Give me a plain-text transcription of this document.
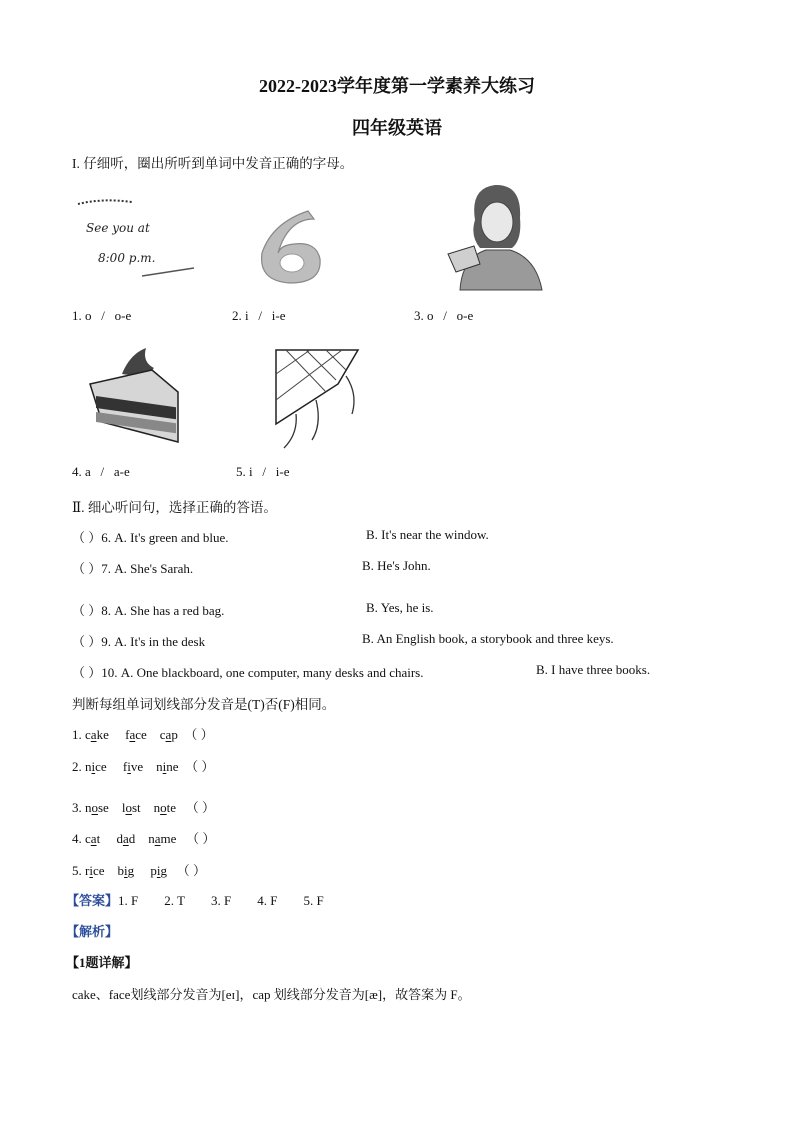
2022-2023学年度第一学素养大练习
四年级英语
I. 仔细听，圈出所听到单词中发音正确的字母。
See you at
8:00 p.m.
1. o / o-e	2. i / i-e	3. o / o-e
4. a / a-e	5. i / i-e
Ⅱ. 细心听问句，选择正确的答语。
（ ）6. A. It's green and blue.	B. It's near the window.
（ ）7. A. She's Sarah.	B. He's John.
（ ）8. A. She has a red bag.	B. Yes, he is.
（ ）9. A. It's in the desk	B. An English book, a storybook and three keys.
（ ）10. A. One blackboard, one computer, many desks and chairs.	B. I have three books.
判断每组单词划线部分发音是(T)否(F)相同。
1. cake face cap （ ）
2. nice five nine （ ）
3. nose lost note （ ）
4. cat dad name （ ）
5. rice big pig （ ）
【答案】1. F 2. T 3. F 4. F 5. F
【解析】
【1题详解】
cake、face划线部分发音为[eɪ]，cap 划线部分发音为[æ]，故答案为 F。
